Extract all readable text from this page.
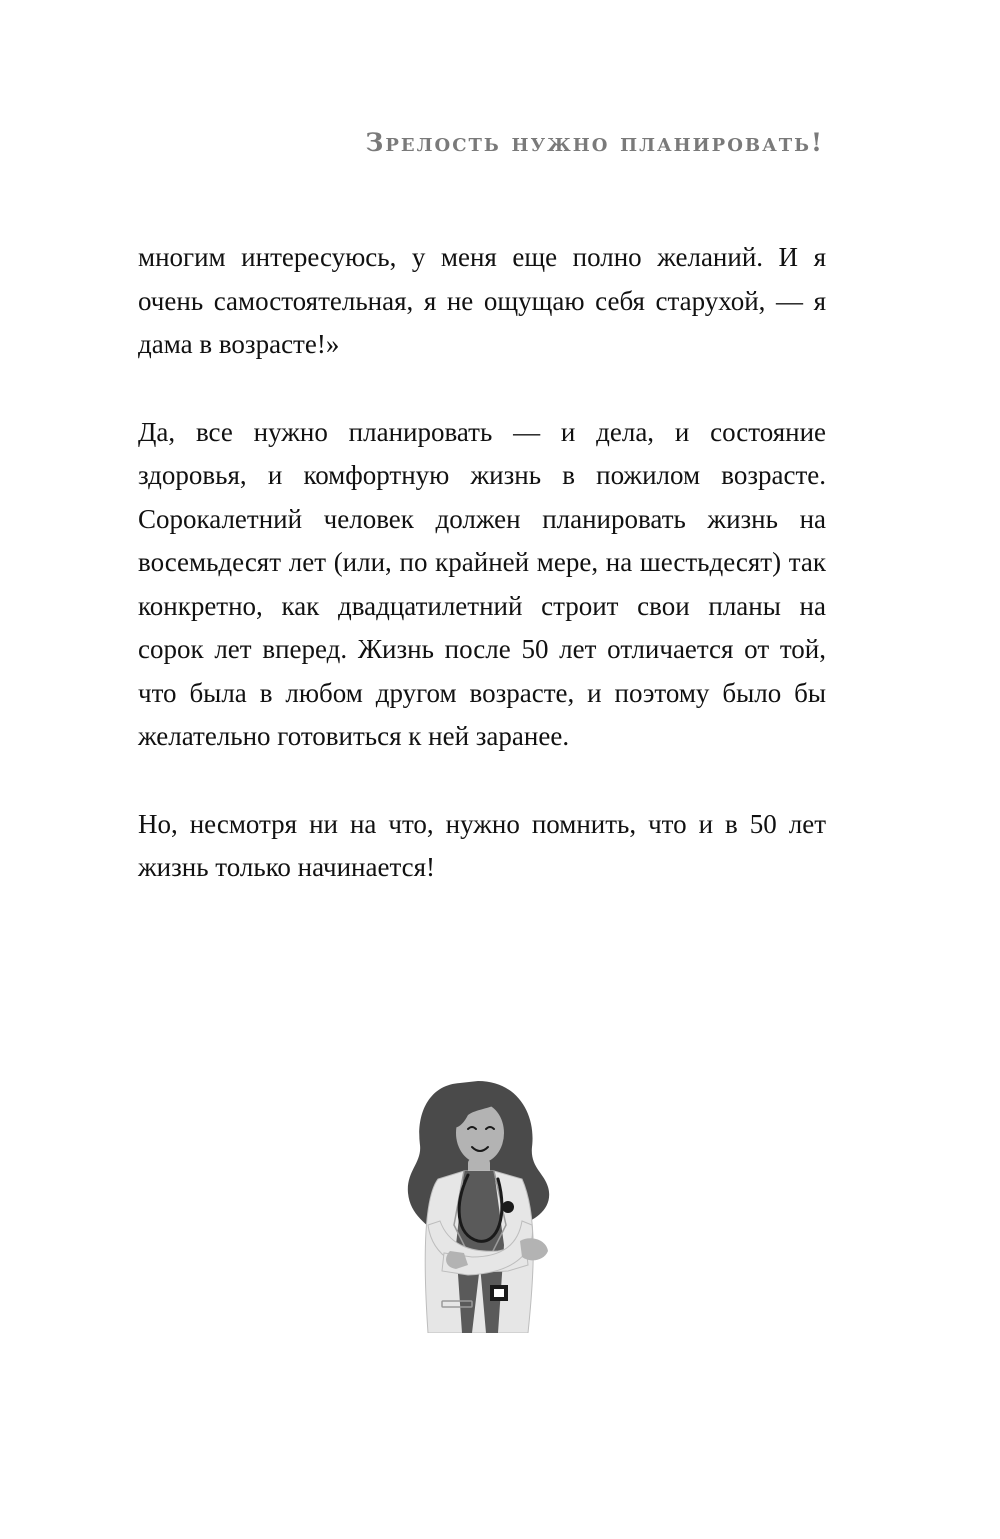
Зрелость нужно планировать!

многим интересуюсь, у меня еще полно желаний. И я очень самостоятельная, я не ощущаю себя старухой, — я дама в возрасте!»

Да, все нужно планировать — и дела, и состояние здоровья, и комфортную жизнь в пожилом возрасте. Сорокалетний человек должен планировать жизнь на восемьдесят лет (или, по крайней мере, на шестьдесят) так конкретно, как двадцатилетний строит свои планы на сорок лет вперед. Жизнь после 50 лет отличается от той, что была в любом другом возрасте, и поэтому было бы желательно готовиться к ней заранее.

Но, несмотря ни на что, нужно помнить, что и в 50 лет жизнь только начинается!
